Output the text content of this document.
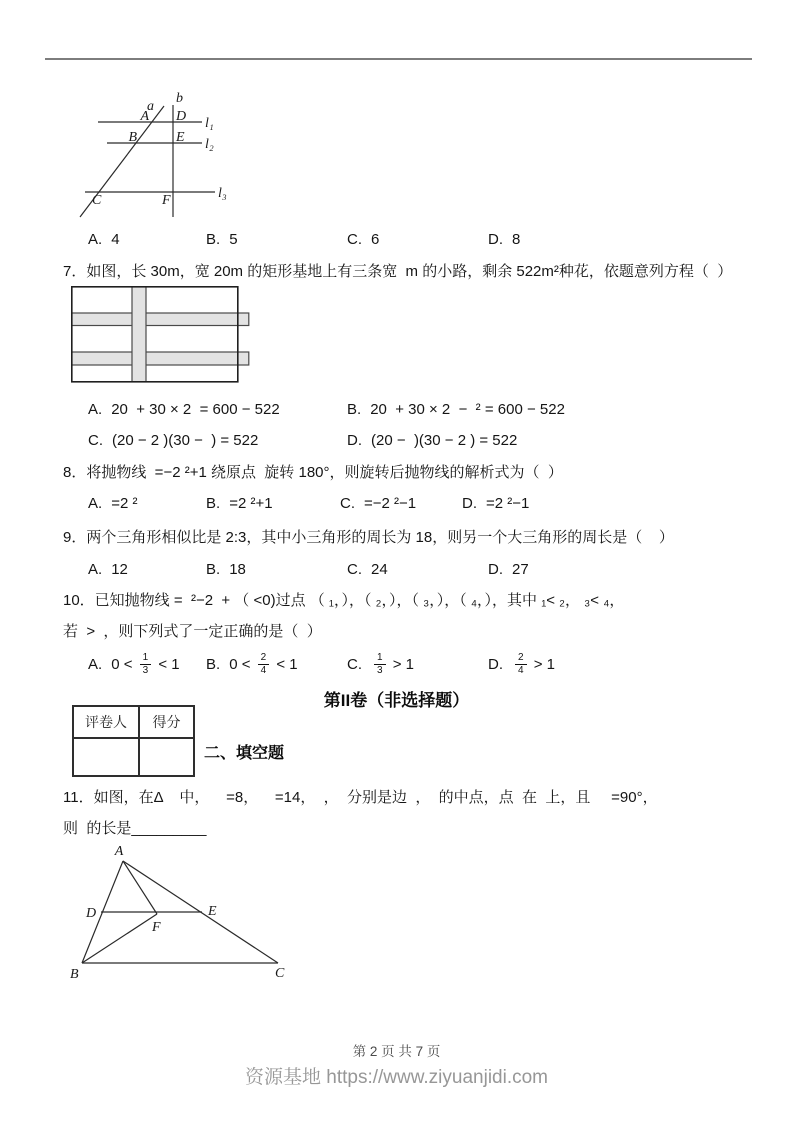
a
b
A D
B	E
C	F
l₁
l₂
l₃
A. 4	B. 5	C. 6	D. 8
7．如图，长 30m，宽 20m 的矩形基地上有三条宽  m 的小路，剩余 522m²种花，依题意列方程（  ）
A. 20  + 30 × 2  = 600 − 522	B. 20  + 30 × 2  −  ² = 600 − 522
C. (20 − 2 )(30 −  ) = 522	D. (20 −  )(30 − 2 ) = 522
8．将抛物线  =−2 ²+1 绕原点  旋转 180°，则旋转后抛物线的解析式为（  ）
A. =2 ²	B. =2 ²+1	C. =−2 ²−1	D. =2 ²−1
9．两个三角形相似比是 2:3，其中小三角形的周长为 18，则另一个大三角形的周长是（    ）
A. 12	B. 18	C. 24	D. 27
10．已知抛物线 =  ²−2  + （ <0)过点 （ ₁，），（ ₂，），（ ₃，），（ ₄，），其中 ₁< ₂， ₃< ₄，
若  >  ，则下列式了一定正确的是（  ）
A. $0 < \frac{1}{3} < 1$ B. $0 < \frac{2}{4} < 1$	C. $\frac{1}{3} > 1$	D. $\frac{2}{4} > 1$
第II卷（非选择题）
评卷人	得分

二、填空题
11．如图，在Δ    中，    =8，    =14，  ，  分别是边  ，  的中点，点  在  上，且     =90°，
则  的长是_________
A
B	C
D	E
F
第 2 页 共 7 页
资源基地 https://www.ziyuanjidi.com
